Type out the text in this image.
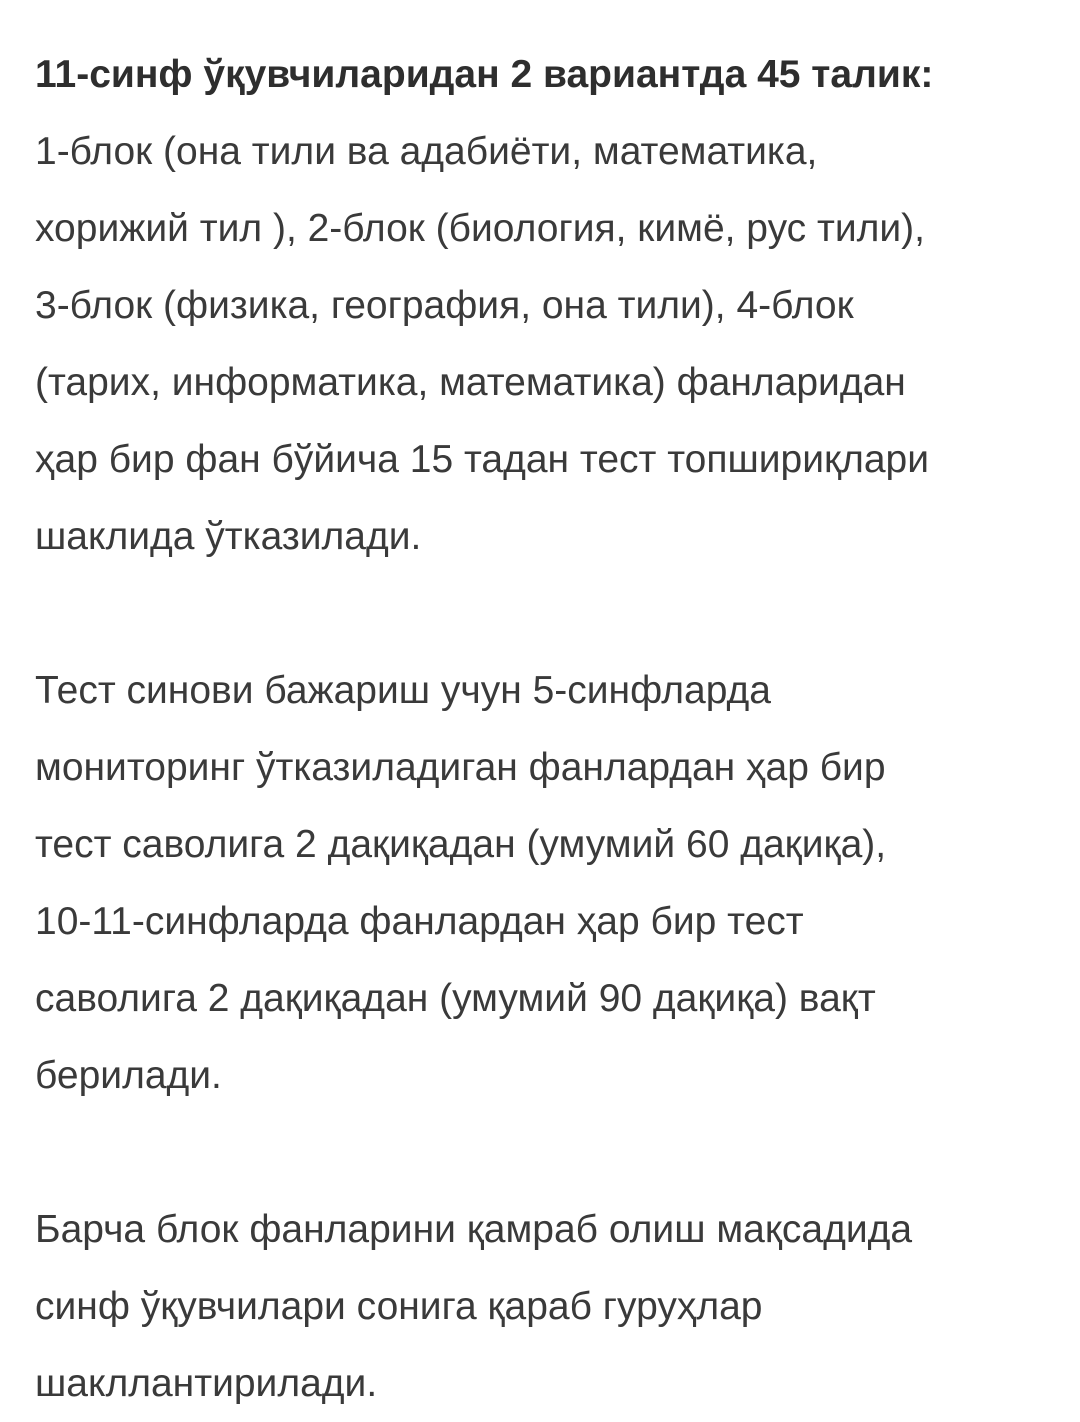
11-синф ўқувчиларидан 2 вариантда 45 талик:
1-блок (она тили ва адабиёти, математика,
хорижий тил ), 2-блок (биология, кимё, рус тили),
3-блок (физика, география, она тили), 4-блок
(тарих, информатика, математика) фанларидан
ҳар бир фан бўйича 15 тадан тест топшириқлари
шаклида ўтказилади.

Тест синови бажариш учун 5-синфларда
мониторинг ўтказиладиган фанлардан ҳар бир
тест саволига 2 дақиқадан (умумий 60 дақиқа),
10-11-синфларда фанлардан ҳар бир тест
саволига 2 дақиқадан (умумий 90 дақиқа) вақт
берилади.

Барча блок фанларини қамраб олиш мақсадида
синф ўқувчилари сонига қараб гуруҳлар
шакллантирилади.
